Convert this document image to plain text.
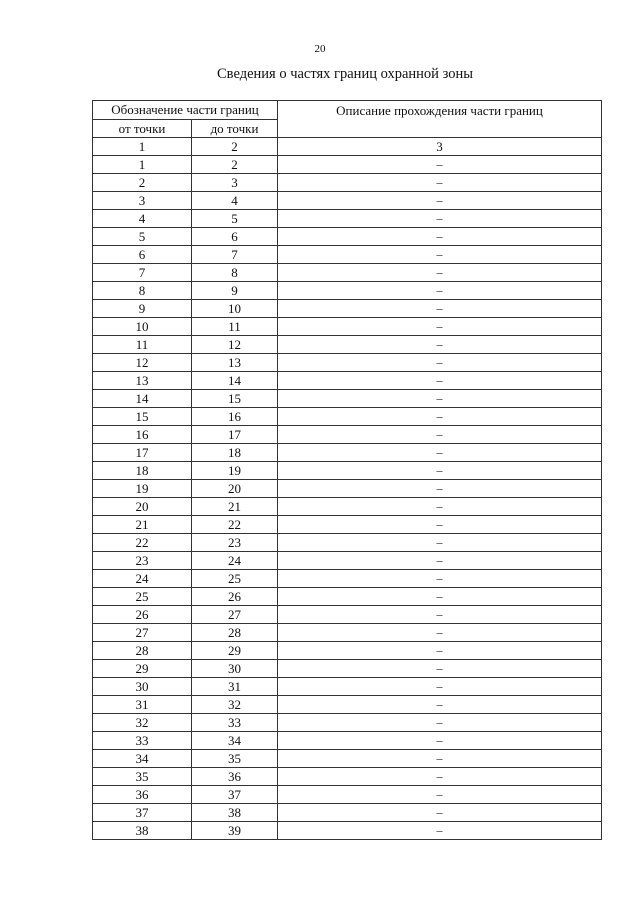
20
Сведения о частях границ охранной зоны
Обозначение части границ		Описание прохождения части границ
от точки	до точки	
1	2	3
1	2	–
2	3	–
3	4	–
4	5	–
5	6	–
6	7	–
7	8	–
8	9	–
9	10	–
10	11	–
11	12	–
12	13	–
13	14	–
14	15	–
15	16	–
16	17	–
17	18	–
18	19	–
19	20	–
20	21	–
21	22	–
22	23	–
23	24	–
24	25	–
25	26	–
26	27	–
27	28	–
28	29	–
29	30	–
30	31	–
31	32	–
32	33	–
33	34	–
34	35	–
35	36	–
36	37	–
37	38	–
38	39	–
